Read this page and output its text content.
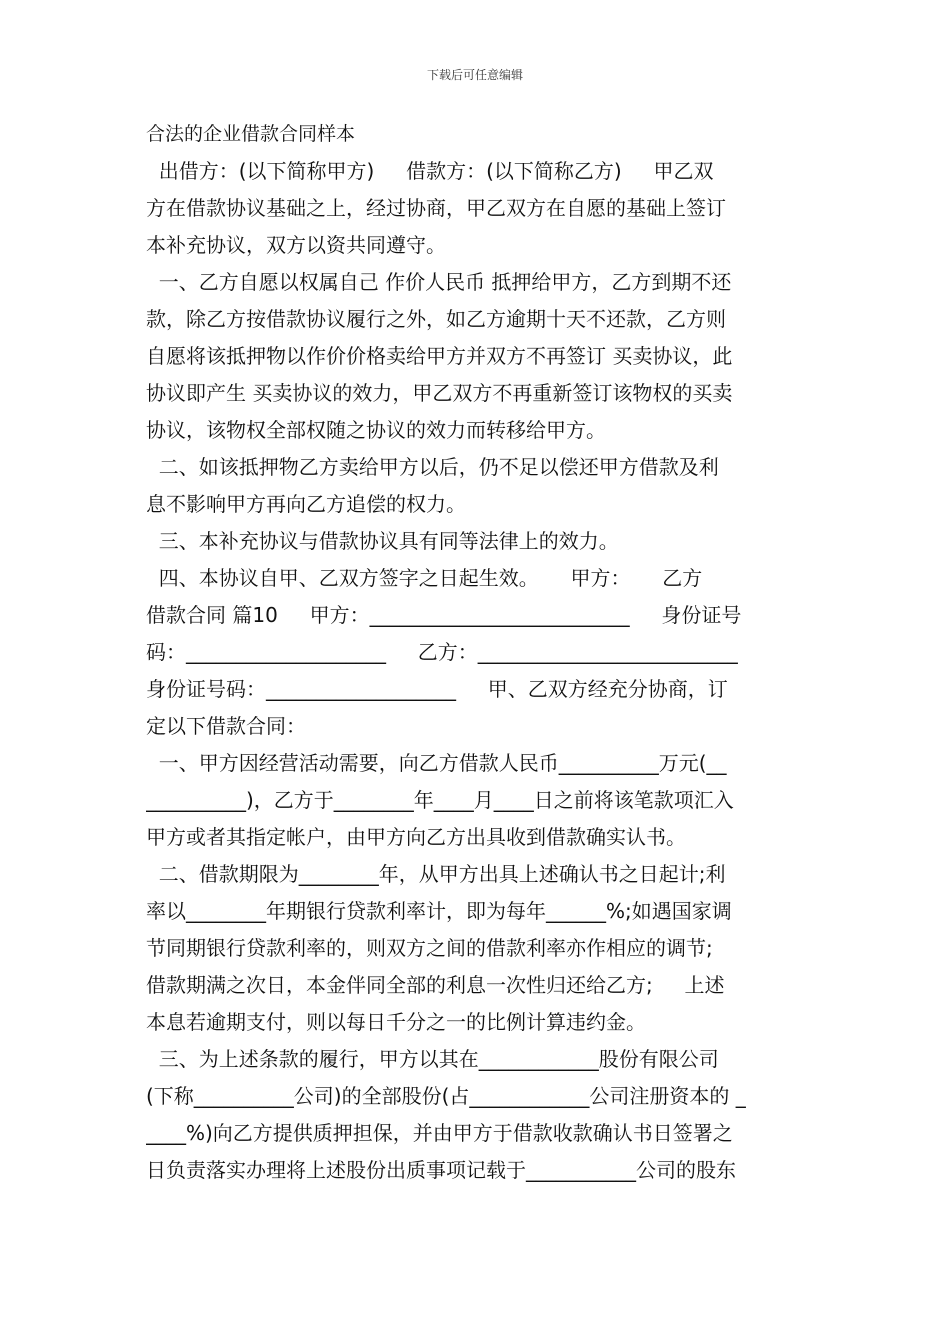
下载后可任意编辑
合法的企业借款合同样本
出借方：(以下简称甲方)     借款方：(以下简称乙方)     甲乙双
方在借款协议基础之上，经过协商，甲乙双方在自愿的基础上签订
本补充协议，双方以资共同遵守。
一、乙方自愿以权属自己 作价人民币 抵押给甲方，乙方到期不还
款，除乙方按借款协议履行之外，如乙方逾期十天不还款，乙方则
自愿将该抵押物以作价价格卖给甲方并双方不再签订 买卖协议，此
协议即产生 买卖协议的效力，甲乙双方不再重新签订该物权的买卖
协议，该物权全部权随之协议的效力而转移给甲方。
二、如该抵押物乙方卖给甲方以后，仍不足以偿还甲方借款及利
息不影响甲方再向乙方追偿的权力。
三、本补充协议与借款协议具有同等法律上的效力。
四、本协议自甲、乙双方签字之日起生效。     甲方：     乙方
借款合同 篇10     甲方：__________________________     身份证号
码：____________________     乙方：__________________________
身份证号码：___________________     甲、乙双方经充分协商，订
定以下借款合同：
一、甲方因经营活动需要，向乙方借款人民币__________万元(__
__________)，乙方于________年____月____日之前将该笔款项汇入
甲方或者其指定帐户，由甲方向乙方出具收到借款确实认书。
二、借款期限为________年，从甲方出具上述确认书之日起计;利
率以________年期银行贷款利率计，即为每年______%;如遇国家调
节同期银行贷款利率的，则双方之间的借款利率亦作相应的调节;
借款期满之次日，本金伴同全部的利息一次性归还给乙方;     上述
本息若逾期支付，则以每日千分之一的比例计算违约金。
三、为上述条款的履行，甲方以其在____________股份有限公司
(下称__________公司)的全部股份(占____________公司注册资本的 _
____%)向乙方提供质押担保，并由甲方于借款收款确认书日签署之
日负责落实办理将上述股份出质事项记载于___________公司的股东
